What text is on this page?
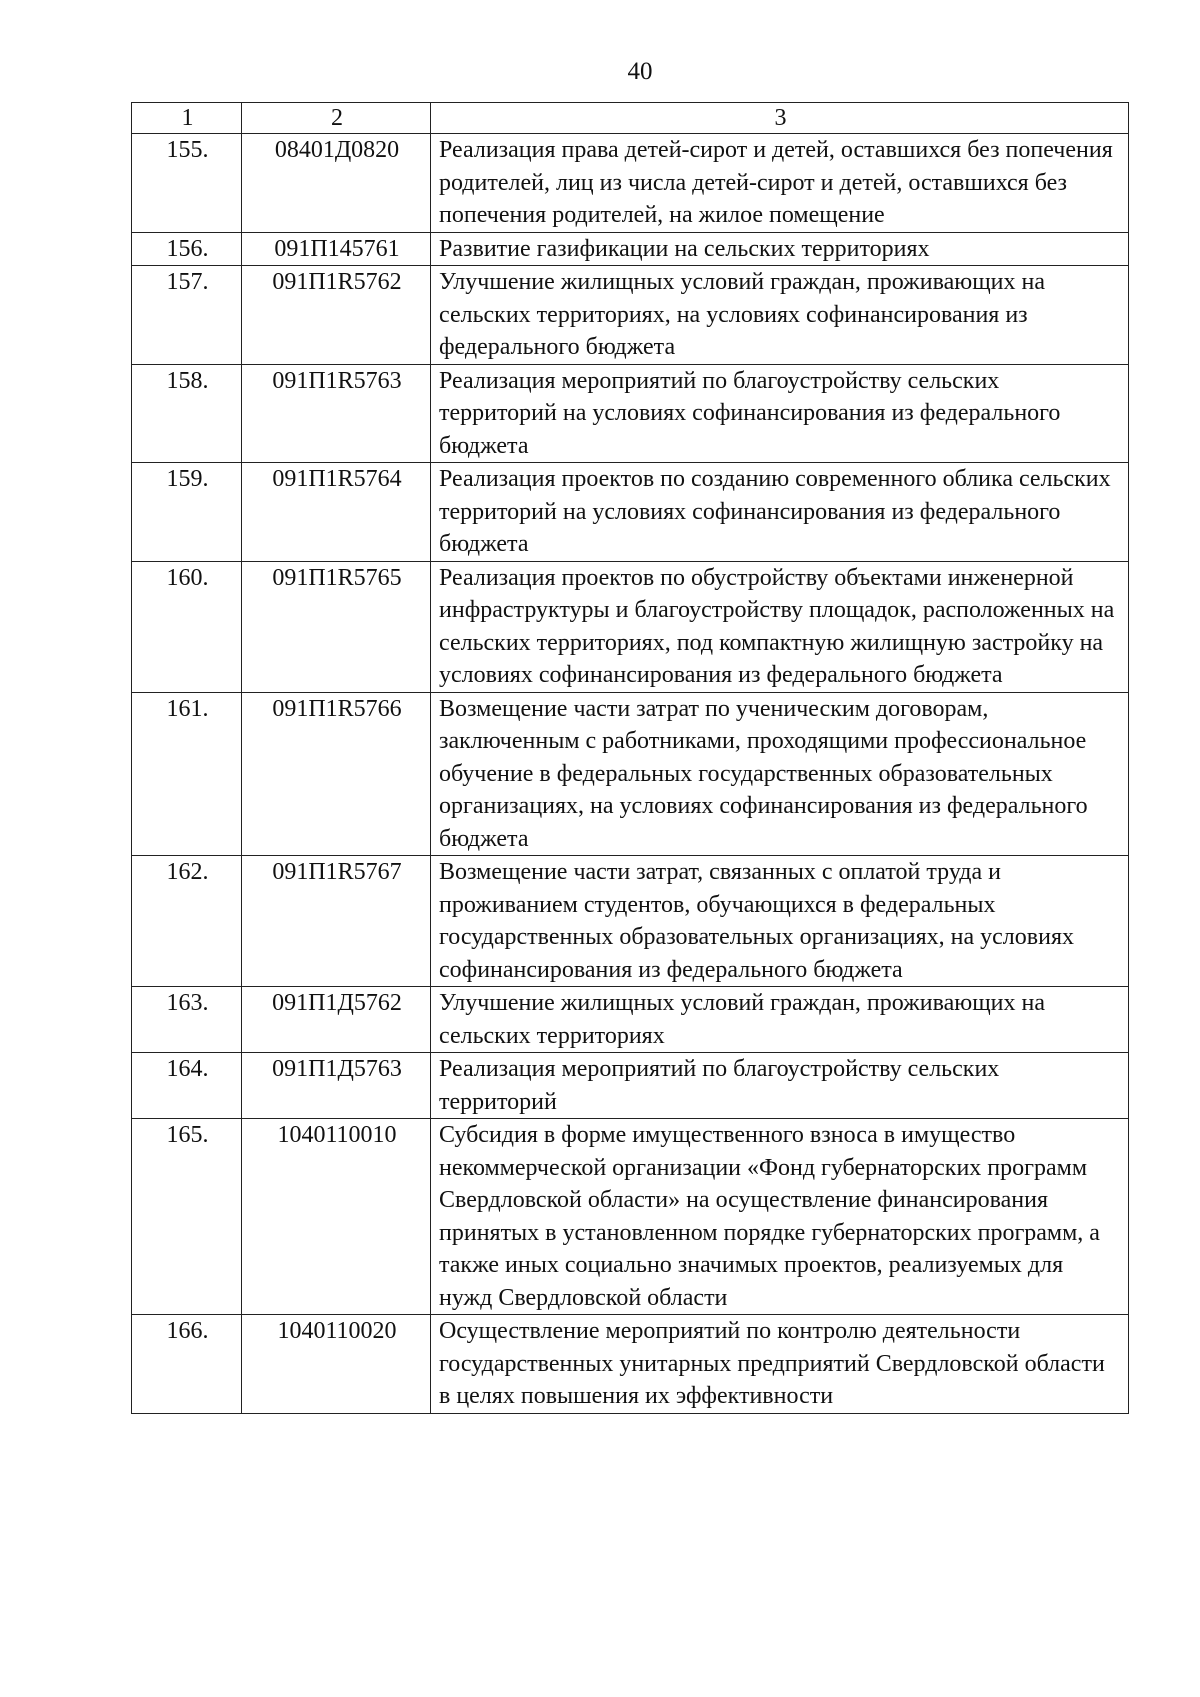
40
1	2	3
155.	08401Д0820	Реализация права детей-сирот и детей, оставшихся без попечения родителей, лиц из числа детей-сирот и детей, оставшихся без попечения родителей, на жилое помещение
156.	091П145761	Развитие газификации на сельских территориях
157.	091П1R5762	Улучшение жилищных условий граждан, проживающих на сельских территориях, на условиях софинансирования из федерального бюджета
158.	091П1R5763	Реализация мероприятий по благоустройству сельских территорий на условиях софинансирования из федерального бюджета
159.	091П1R5764	Реализация проектов по созданию современного облика сельских территорий на условиях софинансирования из федерального бюджета
160.	091П1R5765	Реализация проектов по обустройству объектами инженерной инфраструктуры и благоустройству площадок, расположенных на сельских территориях, под компактную жилищную застройку на условиях софинансирования из федерального бюджета
161.	091П1R5766	Возмещение части затрат по ученическим договорам, заключенным с работниками, проходящими профессиональное обучение в федеральных государственных образовательных организациях, на условиях софинансирования из федерального бюджета
162.	091П1R5767	Возмещение части затрат, связанных с оплатой труда и проживанием студентов, обучающихся в федеральных государственных образовательных организациях, на условиях софинансирования из федерального бюджета
163.	091П1Д5762	Улучшение жилищных условий граждан, проживающих на сельских территориях
164.	091П1Д5763	Реализация мероприятий по благоустройству сельских территорий
165.	1040110010	Субсидия в форме имущественного взноса в имущество некоммерческой организации «Фонд губернаторских программ Свердловской области» на осуществление финансирования принятых в установленном порядке губернаторских программ, а также иных социально значимых проектов, реализуемых для нужд Свердловской области
166.	1040110020	Осуществление мероприятий по контролю деятельности государственных унитарных предприятий Свердловской области в целях повышения их эффективности
